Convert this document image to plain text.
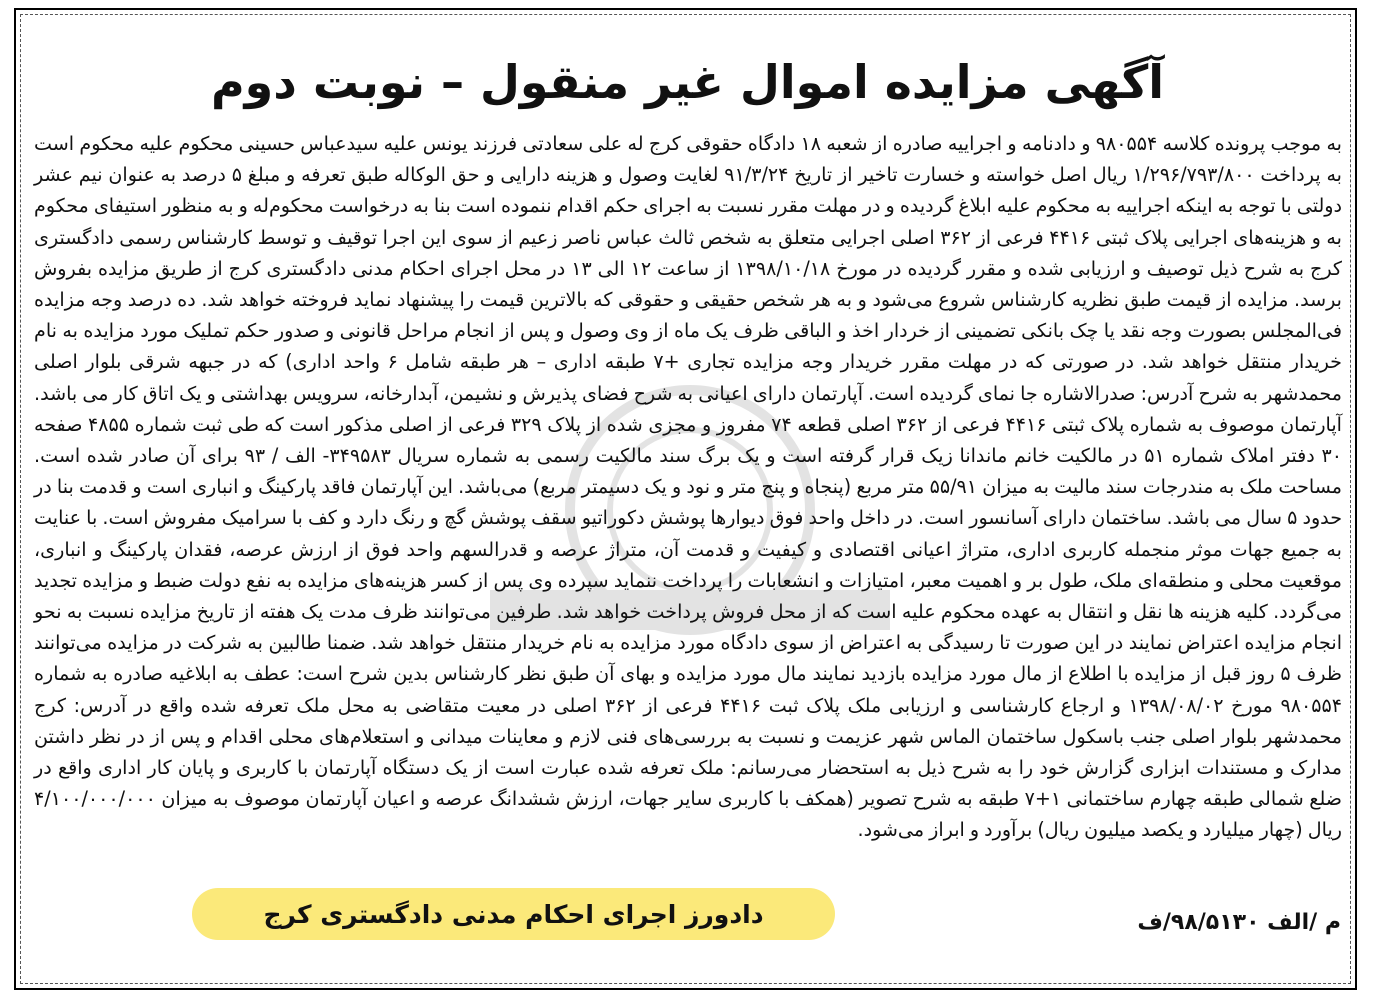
آگهی مزایده اموال غیر منقول – نوبت دوم
به موجب پرونده کلاسه ۹۸۰۵۵۴ و دادنامه و اجراییه صادره از شعبه ۱۸ دادگاه حقوقی کرج له علی سعادتی فرزند یونس علیه سیدعباس حسینی محکوم علیه محکوم است به پرداخت ۱/۲۹۶/۷۹۳/۸۰۰ ریال اصل خواسته و خسارت تاخیر از تاریخ ۹۱/۳/۲۴ لغایت وصول و هزینه دارایی و حق الوکاله طبق تعرفه و مبلغ ۵ درصد به عنوان نیم عشر دولتی با توجه به اینکه اجراییه به محکوم علیه ابلاغ گردیده و در مهلت مقرر نسبت به اجرای حکم اقدام ننموده است بنا به درخواست محکوم‌له و به منظور استیفای محکوم به و هزینه‌های اجرایی پلاک ثبتی ۴۴۱۶ فرعی از ۳۶۲ اصلی اجرایی متعلق به شخص ثالث عباس ناصر زعیم از سوی این اجرا توقیف و توسط کارشناس رسمی دادگستری کرج به شرح ذیل توصیف و ارزیابی شده و مقرر گردیده در مورخ ۱۳۹۸/۱۰/۱۸ از ساعت ۱۲ الی ۱۳ در محل اجرای احکام مدنی دادگستری کرج از طریق مزایده بفروش برسد. مزایده از قیمت طبق نظریه کارشناس شروع می‌شود و به هر شخص حقیقی و حقوقی که بالاترین قیمت را پیشنهاد نماید فروخته خواهد شد. ده درصد وجه مزایده فی‌المجلس بصورت وجه نقد یا چک بانکی تضمینی از خردار اخذ و الباقی ظرف یک ماه از وی وصول و پس از انجام مراحل قانونی و صدور حکم تملیک مورد مزایده به نام خریدار منتقل خواهد شد. در صورتی که در مهلت مقرر خریدار وجه مزایده تجاری +۷ طبقه اداری – هر طبقه شامل ۶ واحد اداری) که در جبهه شرقی بلوار اصلی محمدشهر به شرح آدرس: صدرالاشاره جا نمای گردیده است. آپارتمان دارای اعیانی به شرح فضای پذیرش و نشیمن، آبدارخانه، سرویس بهداشتی و یک اتاق کار می باشد. آپارتمان موصوف به شماره پلاک ثبتی ۴۴۱۶ فرعی از ۳۶۲ اصلی قطعه ۷۴ مفروز و مجزی شده از پلاک ۳۲۹ فرعی از اصلی مذکور است که طی ثبت شماره ۴۸۵۵ صفحه ۳۰ دفتر املاک شماره ۵۱ در مالکیت خانم ماندانا زیک قرار گرفته است و یک برگ سند مالکیت رسمی به شماره سریال ۳۴۹۵۸۳- الف / ۹۳ برای آن صادر شده است. مساحت ملک به مندرجات سند مالیت به میزان ۵۵/۹۱ متر مربع (پنجاه و پنج متر و نود و یک دسیمتر مربع) می‌باشد. این آپارتمان فاقد پارکینگ و انباری است و قدمت بنا در حدود ۵ سال می باشد. ساختمان دارای آسانسور است. در داخل واحد فوق دیوارها پوشش دکوراتیو سقف پوشش گچ و رنگ دارد و کف با سرامیک مفروش است. با عنایت به جمیع جهات موثر منجمله کاربری اداری، متراژ اعیانی اقتصادی و کیفیت و قدمت آن، متراژ عرصه و قدرالسهم واحد فوق از ارزش عرصه، فقدان پارکینگ و انباری، موقعیت محلی و منطقه‌ای ملک، طول بر و اهمیت معبر، امتیازات و انشعابات را پرداخت ننماید سپرده وی پس از کسر هزینه‌های مزایده به نفع دولت ضبط و مزایده تجدید می‌گردد. کلیه هزینه ها نقل و انتقال به عهده محکوم علیه است که از محل فروش پرداخت خواهد شد. طرفین می‌توانند ظرف مدت یک هفته از تاریخ مزایده نسبت به نحو انجام مزایده اعتراض نمایند در این صورت تا رسیدگی به اعتراض از سوی دادگاه مورد مزایده به نام خریدار منتقل خواهد شد. ضمنا طالبین به شرکت در مزایده می‌توانند ظرف ۵ روز قبل از مزایده با اطلاع از مال مورد مزایده بازدید نمایند مال مورد مزایده و بهای آن طبق نظر کارشناس بدین شرح است: عطف به ابلاغیه صادره به شماره ۹۸۰۵۵۴ مورخ ۱۳۹۸/۰۸/۰۲ و ارجاع کارشناسی و ارزیابی ملک پلاک ثبت ۴۴۱۶ فرعی از ۳۶۲ اصلی در معیت متقاضی به محل ملک تعرفه شده واقع در آدرس: کرج محمدشهر بلوار اصلی جنب باسکول ساختمان الماس شهر عزیمت و نسبت به بررسی‌های فنی لازم و معاینات میدانی و استعلام‌های محلی اقدام و پس از در نظر داشتن مدارک و مستندات ابزاری گزارش خود را به شرح ذیل به استحضار می‌رسانم: ملک تعرفه شده عبارت است از یک دستگاه آپارتمان با کاربری و پایان کار اداری واقع در ضلع شمالی طبقه چهارم ساختمانی ۱+۷ طبقه به شرح تصویر (همکف با کاربری سایر جهات، ارزش ششدانگ عرصه و اعیان آپارتمان موصوف به میزان ۴/۱۰۰/۰۰۰/۰۰۰ ریال (چهار میلیارد و یکصد میلیون ریال) برآورد و ابراز می‌شود.
دادورز اجرای احکام مدنی دادگستری کرج	م /الف ۹۸/۵۱۳۰/ف
